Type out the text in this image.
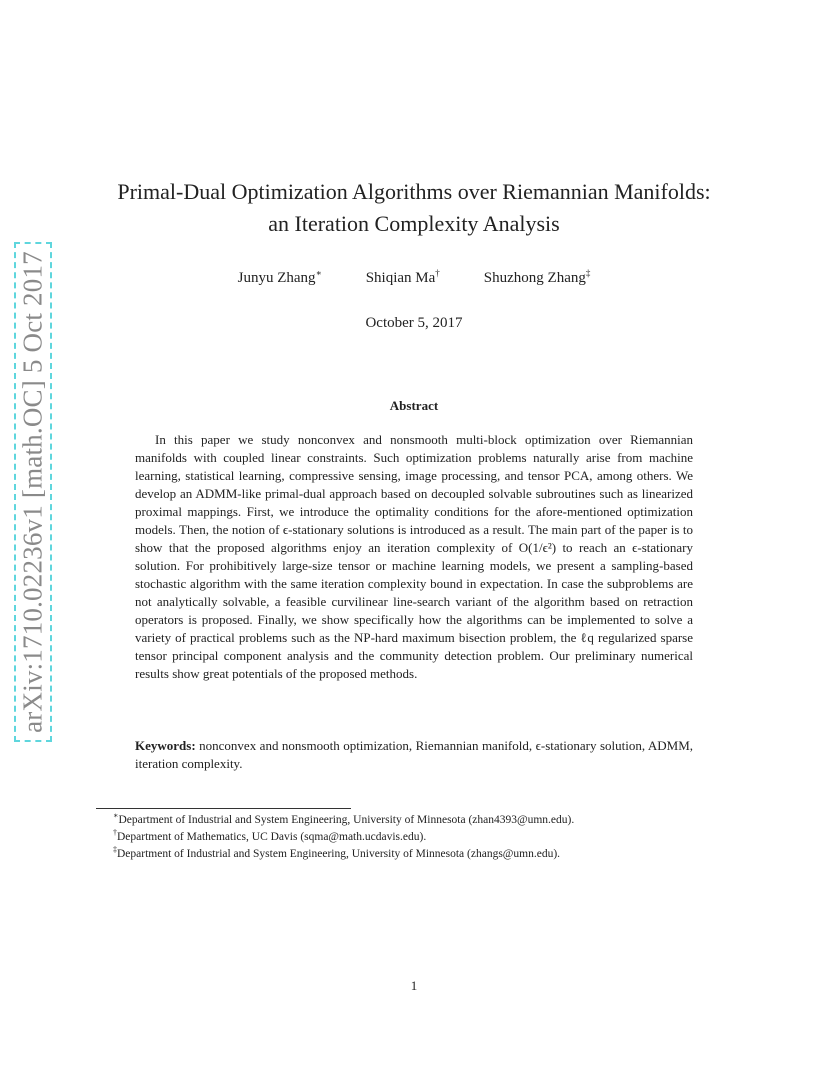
arXiv:1710.02236v1 [math.OC] 5 Oct 2017
Primal-Dual Optimization Algorithms over Riemannian Manifolds:
an Iteration Complexity Analysis
Junyu Zhang∗	Shiqian Ma†	Shuzhong Zhang‡
October 5, 2017
Abstract

In this paper we study nonconvex and nonsmooth multi-block optimization over Riemannian manifolds with coupled linear constraints. Such optimization problems naturally arise from machine learning, statistical learning, compressive sensing, image processing, and tensor PCA, among others. We develop an ADMM-like primal-dual approach based on decoupled solvable subroutines such as linearized proximal mappings. First, we introduce the optimality conditions for the afore-mentioned optimization models. Then, the notion of ϵ-stationary solutions is introduced as a result. The main part of the paper is to show that the proposed algorithms enjoy an iteration complexity of O(1/ϵ²) to reach an ϵ-stationary solution. For prohibitively large-size tensor or machine learning models, we present a sampling-based stochastic algorithm with the same iteration complexity bound in expectation. In case the subproblems are not analytically solvable, a feasible curvilinear line-search variant of the algorithm based on retraction operators is proposed. Finally, we show specifically how the algorithms can be implemented to solve a variety of practical problems such as the NP-hard maximum bisection problem, the ℓq regularized sparse tensor principal component analysis and the community detection problem. Our preliminary numerical results show great potentials of the proposed methods.

Keywords: nonconvex and nonsmooth optimization, Riemannian manifold, ϵ-stationary solution, ADMM, iteration complexity.

∗Department of Industrial and System Engineering, University of Minnesota (zhan4393@umn.edu).
†Department of Mathematics, UC Davis (sqma@math.ucdavis.edu).
‡Department of Industrial and System Engineering, University of Minnesota (zhangs@umn.edu).
1
